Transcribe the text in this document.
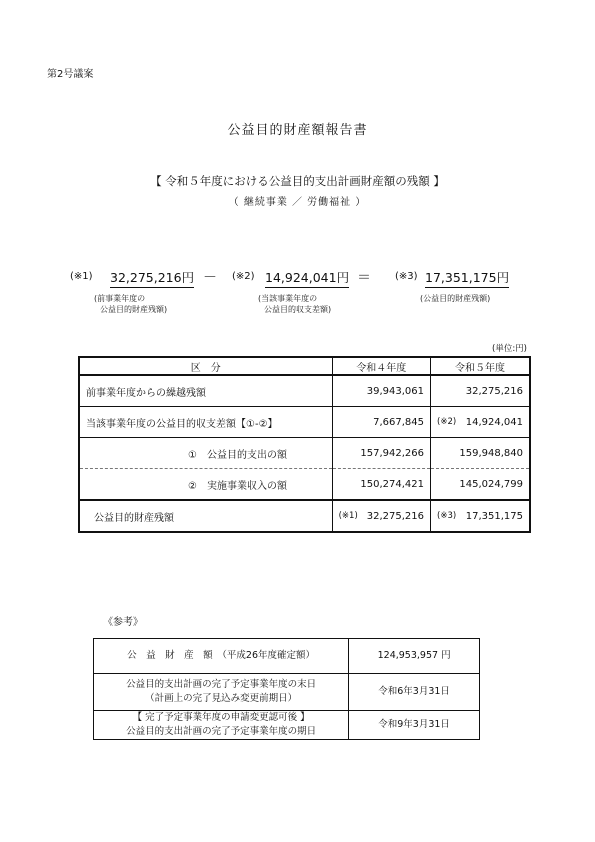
第2号議案
公益目的財産額報告書
【 令和５年度における公益目的支出計画財産額の残額 】
（ 継続事業 ／ 労働福祉 ）
(※1) 32,275,216円 － (※2) 14,924,041円 ＝ (※3) 17,351,175円
(前事業年度の
公益目的財産残額)
(当該事業年度の
公益目的収支差額)
(公益目的財産残額)
(単位:円)
区　分	令和４年度	令和５年度
前事業年度からの繰越残額	39,943,061	32,275,216
当該事業年度の公益目的収支差額【①-②】	7,667,845	(※2) 14,924,041
①　公益目的支出の額	157,942,266	159,948,840
②　実施事業収入の額	150,274,421	145,024,799
公益目的財産残額	(※1) 32,275,216	(※3) 17,351,175
《参考》
公　益　財　産　額　（平成26年度確定額）	124,953,957 円
公益目的支出計画の完了予定事業年度の末日
（計画上の完了見込み変更前期日）	令和6年3月31日
【 完了予定事業年度の申請変更認可後 】
公益目的支出計画の完了予定事業年度の期日	令和9年3月31日
